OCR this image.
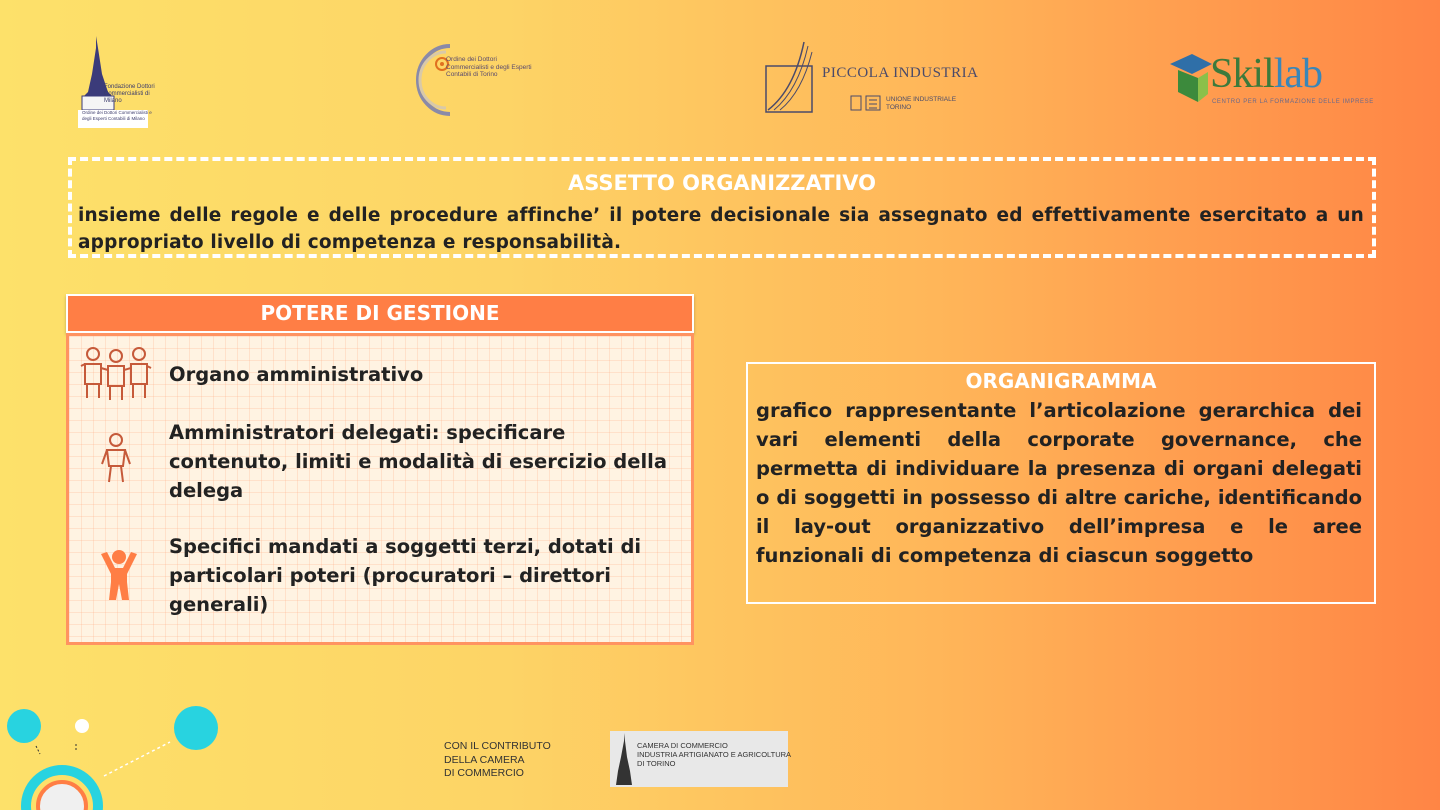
Fondazione Dottori Commercialisti di Milano
Ordine dei Dottori Commercialisti e degli Esperti Contabili di Milano
Ordine dei Dottori Commercialisti e degli Esperti Contabili di Torino	PICCOLA INDUSTRIA
UNIONE INDUSTRIALE
TORINO
Skillab
CENTRO PER LA FORMAZIONE DELLE IMPRESE
ASSETTO ORGANIZZATIVO
insieme delle regole e delle procedure affinche’ il potere decisionale sia assegnato ed effettivamente esercitato a un appropriato livello di competenza e responsabilità.
POTERE DI GESTIONE
Organo amministrativo
Amministratori delegati: specificare contenuto, limiti e modalità di esercizio della delega
Specifici mandati a soggetti terzi, dotati di particolari poteri (procuratori – direttori generali)
ORGANIGRAMMA
grafico rappresentante l’articolazione gerarchica dei vari elementi della corporate governance, che permetta di individuare la presenza di organi delegati o di soggetti in possesso di altre cariche, identificando il lay-out organizzativo dell’impresa e le aree funzionali di competenza di ciascun soggetto
CON IL CONTRIBUTO
DELLA CAMERA
DI COMMERCIO
CAMERA DI COMMERCIO
INDUSTRIA ARTIGIANATO E AGRICOLTURA
DI TORINO
